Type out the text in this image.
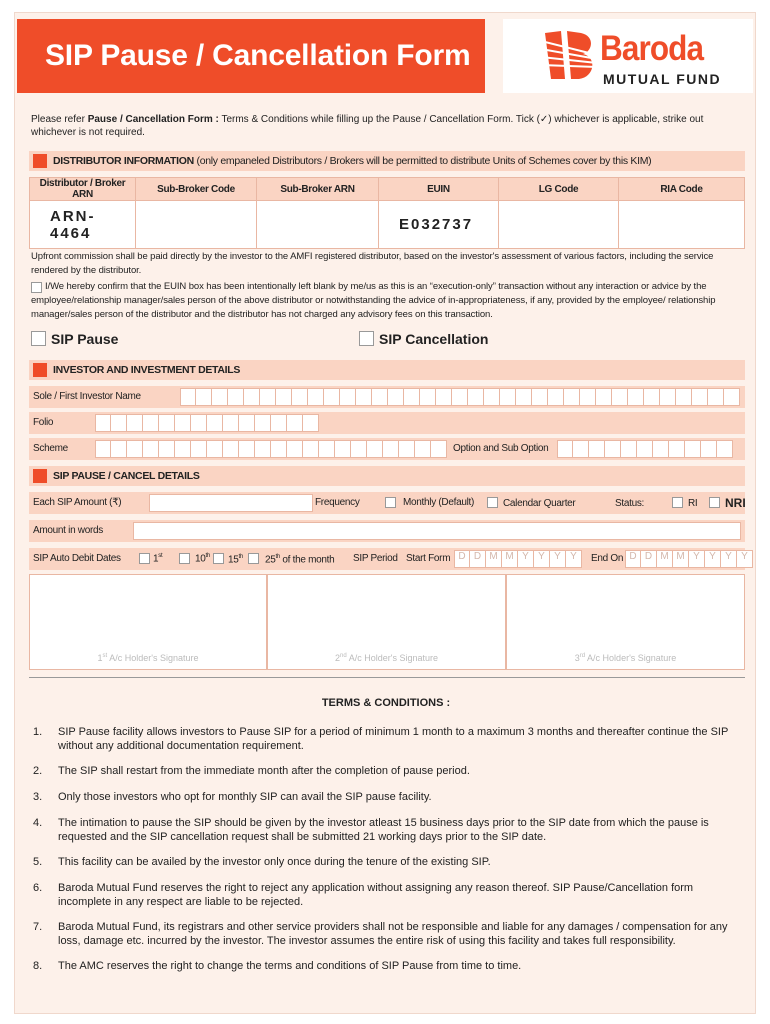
SIP Pause / Cancellation Form	Baroda
MUTUAL FUND
Please refer Pause / Cancellation Form : Terms & Conditions while filling up the Pause / Cancellation Form. Tick (✓) whichever is applicable, strike out whichever is not required.
DISTRIBUTOR INFORMATION (only empaneled Distributors / Brokers will be permitted to distribute Units of Schemes cover by this KIM)
Distributor / Broker ARN	Sub-Broker Code	Sub-Broker ARN	EUIN	LG Code	RIA Code
ARN-4464			E032737		
Upfront commission shall be paid directly by the investor to the AMFI registered distributor, based on the investor's assessment of various factors, including the service rendered by the distributor.
I/We hereby confirm that the EUIN box has been intentionally left blank by me/us as this is an “execution-only” transaction without any interaction or advice by the employee/relationship manager/sales person of the above distributor or notwithstanding the advice of in-appropriateness, if any, provided by the employee/ relationship manager/sales person of the distributor and the distributor has not charged any advisory fees on this transaction.
SIP Pause	SIP Cancellation
INVESTOR AND INVESTMENT DETAILS
Sole / First Investor Name
Folio
Scheme	Option and Sub Option
SIP PAUSE / CANCEL DETAILS
Each SIP Amount (₹)	Frequency	Monthly (Default)	Calendar Quarter	Status:	RI NRI
Amount in words
SIP Auto Debit Dates	1st	10th 15th 25th of the month SIP Period Start Form D D M M Y Y Y Y	End On D D M M Y Y Y Y
1st A/c Holder's Signature	2nd A/c Holder's Signature	3rd A/c Holder's Signature
TERMS & CONDITIONS :
1. SIP Pause facility allows investors to Pause SIP for a period of minimum 1 month to a maximum 3 months and thereafter continue the SIP without any additional documentation requirement.
2. The SIP shall restart from the immediate month after the completion of pause period.
3. Only those investors who opt for monthly SIP can avail the SIP pause facility.
4. The intimation to pause the SIP should be given by the investor atleast 15 business days prior to the SIP date from which the pause is requested and the SIP cancellation request shall be submitted 21 working days prior to the SIP date.
5. This facility can be availed by the investor only once during the tenure of the existing SIP.
6. Baroda Mutual Fund reserves the right to reject any application without assigning any reason thereof. SIP Pause/Cancellation form incomplete in any respect are liable to be rejected.
7. Baroda Mutual Fund, its registrars and other service providers shall not be responsible and liable for any damages / compensation for any loss, damage etc. incurred by the investor. The investor assumes the entire risk of using this facility and takes full responsibility.
8. The AMC reserves the right to change the terms and conditions of SIP Pause from time to time.
